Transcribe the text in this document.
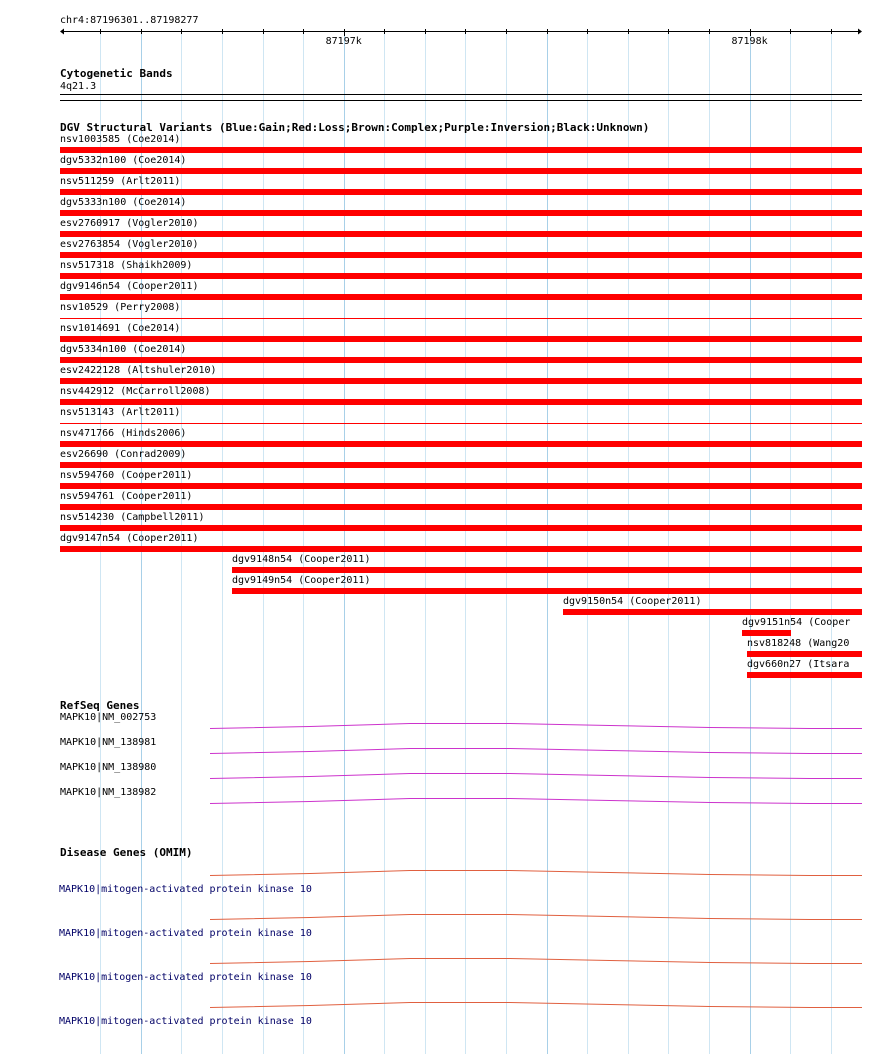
chr4:87196301..87198277
87197k	87198k
Cytogenetic Bands
4q21.3
DGV Structural Variants (Blue:Gain;Red:Loss;Brown:Complex;Purple:Inversion;Black:Unknown)
nsv1003585 (Coe2014)
dgv5332n100 (Coe2014)
nsv511259 (Arlt2011)
dgv5333n100 (Coe2014)
esv2760917 (Vogler2010)
esv2763854 (Vogler2010)
nsv517318 (Shaikh2009)
dgv9146n54 (Cooper2011)
nsv10529 (Perry2008)
nsv1014691 (Coe2014)
dgv5334n100 (Coe2014)
esv2422128 (Altshuler2010)
nsv442912 (McCarroll2008)
nsv513143 (Arlt2011)
nsv471766 (Hinds2006)
esv26690 (Conrad2009)
nsv594760 (Cooper2011)
nsv594761 (Cooper2011)
nsv514230 (Campbell2011)
dgv9147n54 (Cooper2011)
dgv9148n54 (Cooper2011)
dgv9149n54 (Cooper2011)
dgv9150n54 (Cooper2011)
dgv9151n54 (Cooper
nsv818248 (Wang20
dgv660n27 (Itsara
RefSeq Genes
MAPK10|NM_002753
MAPK10|NM_138981
MAPK10|NM_138980
MAPK10|NM_138982
Disease Genes (OMIM)
MAPK10|mitogen-activated protein kinase 10
MAPK10|mitogen-activated protein kinase 10
MAPK10|mitogen-activated protein kinase 10
MAPK10|mitogen-activated protein kinase 10
